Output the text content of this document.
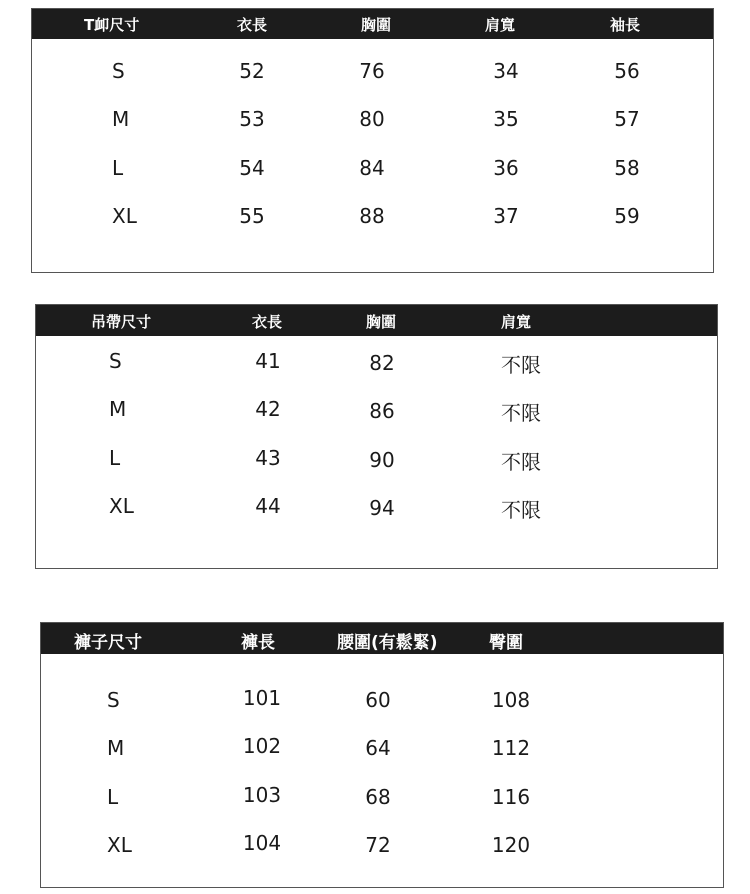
T卹尺寸	衣長	胸圍	肩寬	袖長
S	52	76	34	56
M	53	80	35	57
L	54	84	36	58
XL	55	88	37	59
吊帶尺寸	衣長	胸圍	肩寬
S	41	82	不限
M	42	86	不限
L	43	90	不限
XL	44	94	不限
褲子尺寸	褲長	腰圍(有鬆緊)	臀圍
S	101	60	108
M	102	64	112
L	103	68	116
XL	104	72	120
